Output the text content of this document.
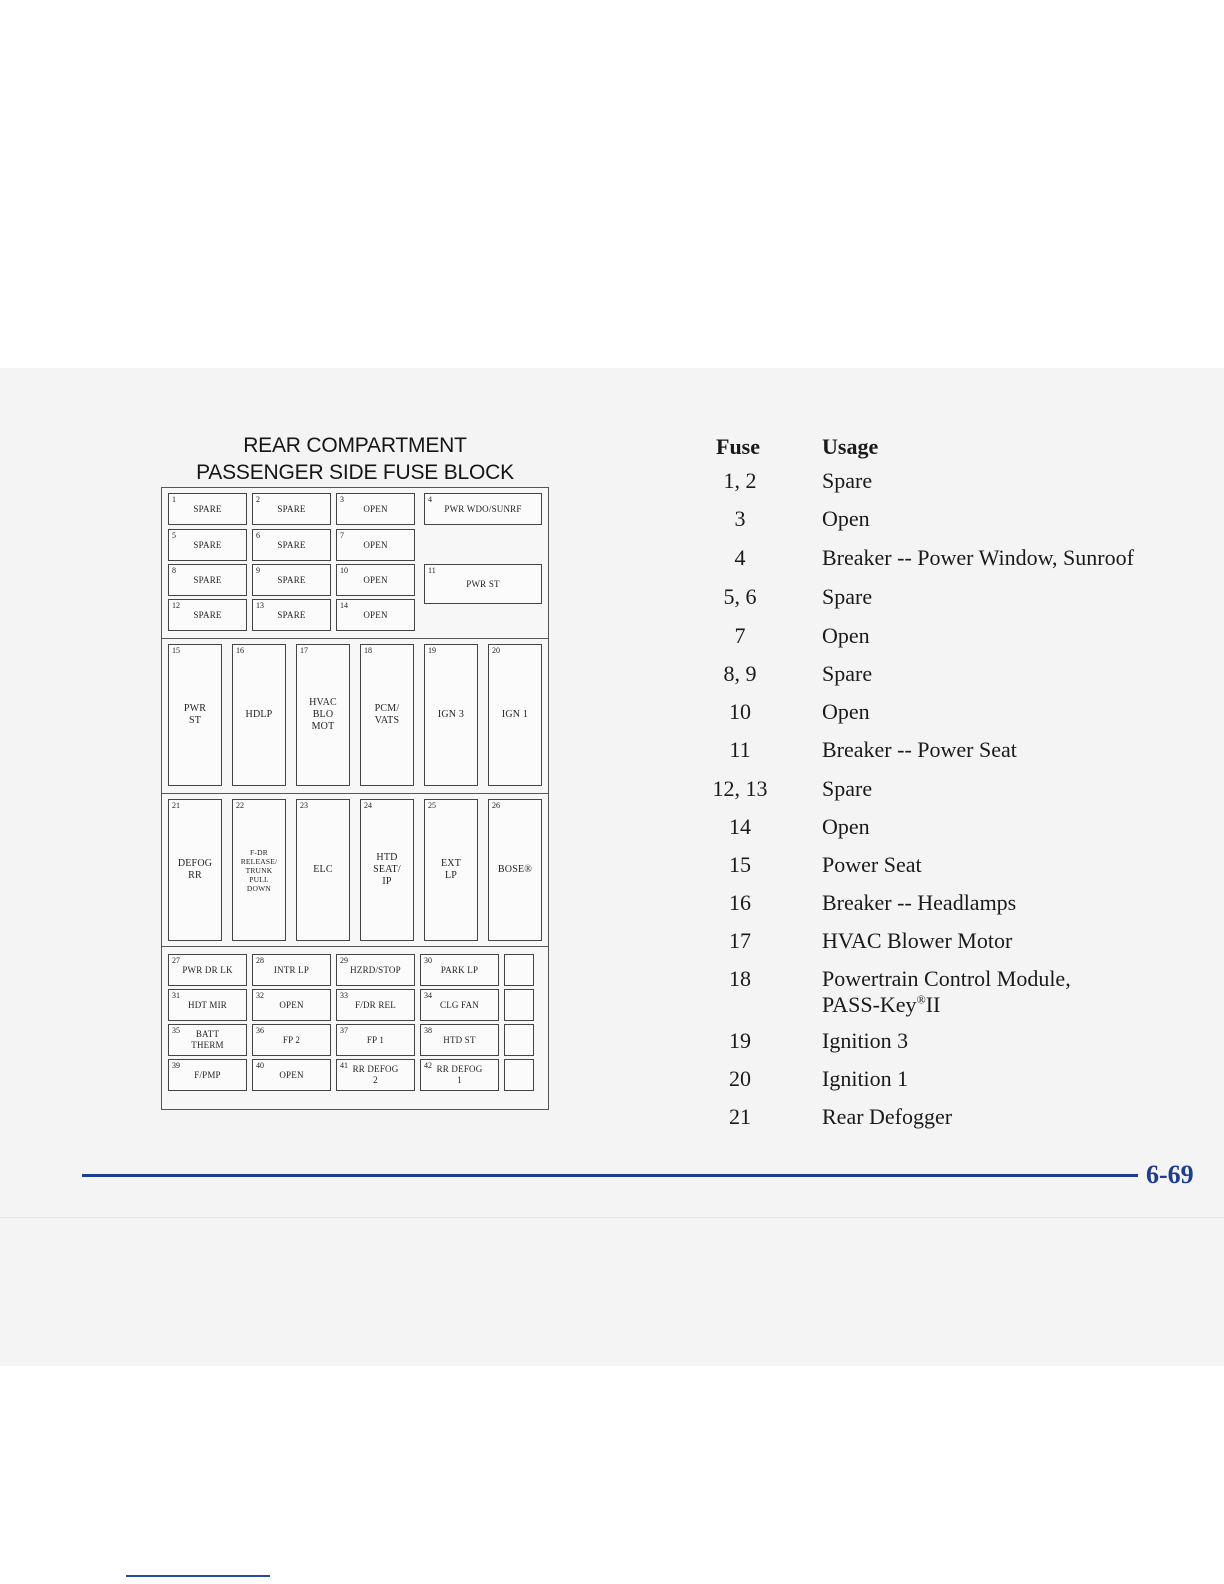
REAR COMPARTMENT
PASSENGER SIDE FUSE BLOCK
1
SPARE
2
SPARE
3
OPEN
4
PWR WDO/SUNRF
5
SPARE
6
SPARE
7
OPEN
8
SPARE
9
SPARE
10
OPEN
11
PWR ST
12
SPARE
13
SPARE
14
OPEN
15
PWR
ST
16
HDLP
17
HVAC
BLO
MOT
18
PCM/
VATS
19
IGN 3
20
IGN 1
21
DEFOG
RR
22
F-DR
RELEASE/
TRUNK
PULL
DOWN
23
ELC
24
HTD
SEAT/
IP
25
EXT
LP
26
BOSE®
27
PWR DR LK
28
INTR LP
29
HZRD/STOP
30
PARK LP
31
HDT MIR
32
OPEN
33
F/DR REL
34
CLG FAN
35	BATT
THERM
36
FP 2
37
FP 1
38
HTD ST
39
F/PMP
40
OPEN
41 RR DEFOG
2
42 RR DEFOG
1
Fuse	Usage
1, 2	Spare
3	Open
4	Breaker -- Power Window, Sunroof
5, 6	Spare
7	Open
8, 9	Spare
10	Open
11	Breaker -- Power Seat
12, 13	Spare
14	Open
15	Power Seat
16	Breaker -- Headlamps
17	HVAC Blower Motor
18	Powertrain Control Module,
PASS-Key®II
19	Ignition 3
20	Ignition 1
21	Rear Defogger
6-69
